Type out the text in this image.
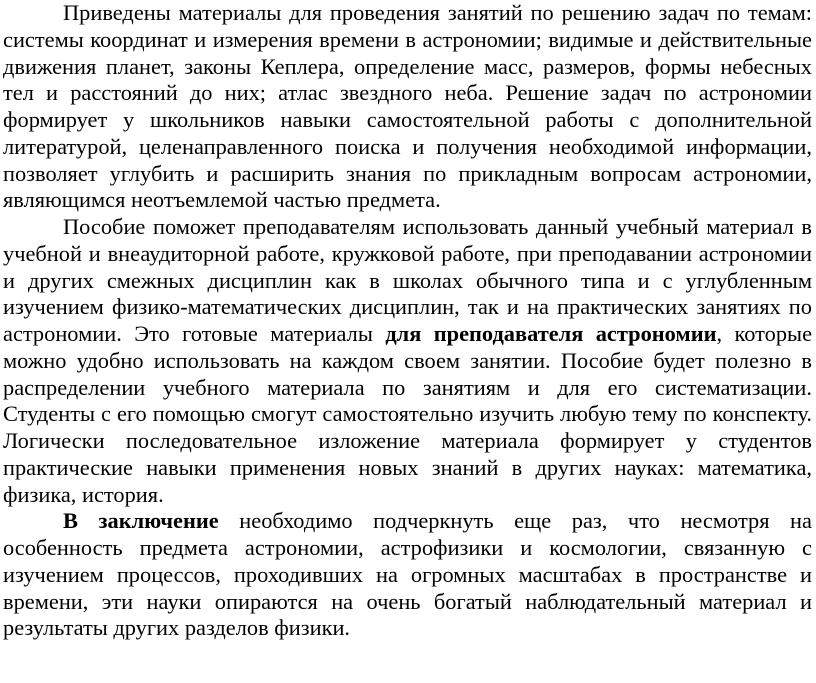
Приведены материалы для проведения занятий по решению задач по темам: системы координат и измерения времени в астрономии; видимые и действительные движения планет, законы Кеплера, определение масс, размеров, формы небесных тел и расстояний до них; атлас звездного неба. Решение задач по астрономии формирует у школьников навыки самостоятельной работы с дополнительной литературой, целенаправленного поиска и получения необходимой информации, позволяет углубить и расширить знания по прикладным вопросам астрономии, являющимся неотъемлемой частью предмета.

Пособие поможет преподавателям использовать данный учебный материал в учебной и внеаудиторной работе, кружковой работе, при преподавании астрономии и других смежных дисциплин как в школах обычного типа и с углубленным изучением физико-математических дисциплин, так и на практических занятиях по астрономии. Это готовые материалы для преподавателя астрономии, которые можно удобно использовать на каждом своем занятии. Пособие будет полезно в распределении учебного материала по занятиям и для его систематизации. Студенты с его помощью смогут самостоятельно изучить любую тему по конспекту. Логически последовательное изложение материала формирует у студентов практические навыки применения новых знаний в других науках: математика, физика, история.

В заключение необходимо подчеркнуть еще раз, что несмотря на особенность предмета астрономии, астрофизики и космологии, связанную с изучением процессов, проходивших на огромных масштабах в пространстве и времени, эти науки опираются на очень богатый наблюдательный материал и результаты других разделов физики.
